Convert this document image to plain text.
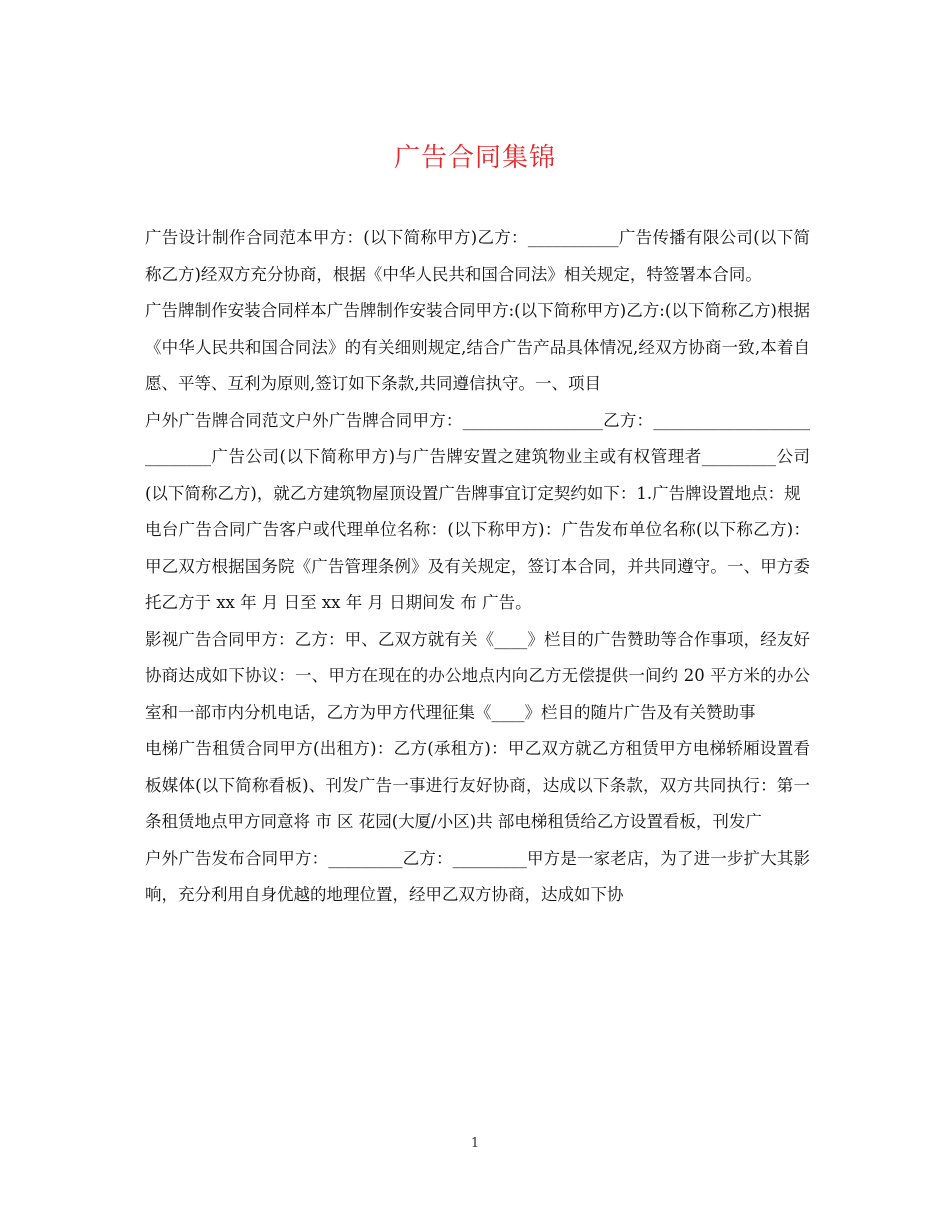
广告合同集锦

广告设计制作合同范本甲方：(以下简称甲方)乙方：___________广告传播有限公司(以下简称乙方)经双方充分协商，根据《中华人民共和国合同法》相关规定，特签署本合同。

广告牌制作安装合同样本广告牌制作安装合同甲方:(以下简称甲方)乙方:(以下简称乙方)根据《中华人民共和国合同法》的有关细则规定,结合广告产品具体情况,经双方协商一致,本着自愿、平等、互利为原则,签订如下条款,共同遵信执守。一、项目

户外广告牌合同范文户外广告牌合同甲方：_________________乙方：___________________________广告公司(以下简称甲方)与广告牌安置之建筑物业主或有权管理者_________公司(以下简称乙方)，就乙方建筑物屋顶设置广告牌事宜订定契约如下：1.广告牌设置地点：规

电台广告合同广告客户或代理单位名称：(以下称甲方)：广告发布单位名称(以下称乙方)：甲乙双方根据国务院《广告管理条例》及有关规定，签订本合同，并共同遵守。一、甲方委托乙方于 xx 年 月 日至 xx 年 月 日期间发 布 广告。

影视广告合同甲方：乙方：甲、乙双方就有关《____》栏目的广告赞助等合作事项，经友好协商达成如下协议：一、甲方在现在的办公地点内向乙方无偿提供一间约 20 平方米的办公室和一部市内分机电话，乙方为甲方代理征集《____》栏目的随片广告及有关赞助事

电梯广告租赁合同甲方(出租方)：乙方(承租方)：甲乙双方就乙方租赁甲方电梯轿厢设置看板媒体(以下简称看板)、刊发广告一事进行友好协商，达成以下条款，双方共同执行：第一条租赁地点甲方同意将 市 区 花园(大厦/小区)共 部电梯租赁给乙方设置看板，刊发广

户外广告发布合同甲方：_________乙方：_________甲方是一家老店，为了进一步扩大其影响，充分利用自身优越的地理位置，经甲乙双方协商，达成如下协

1
